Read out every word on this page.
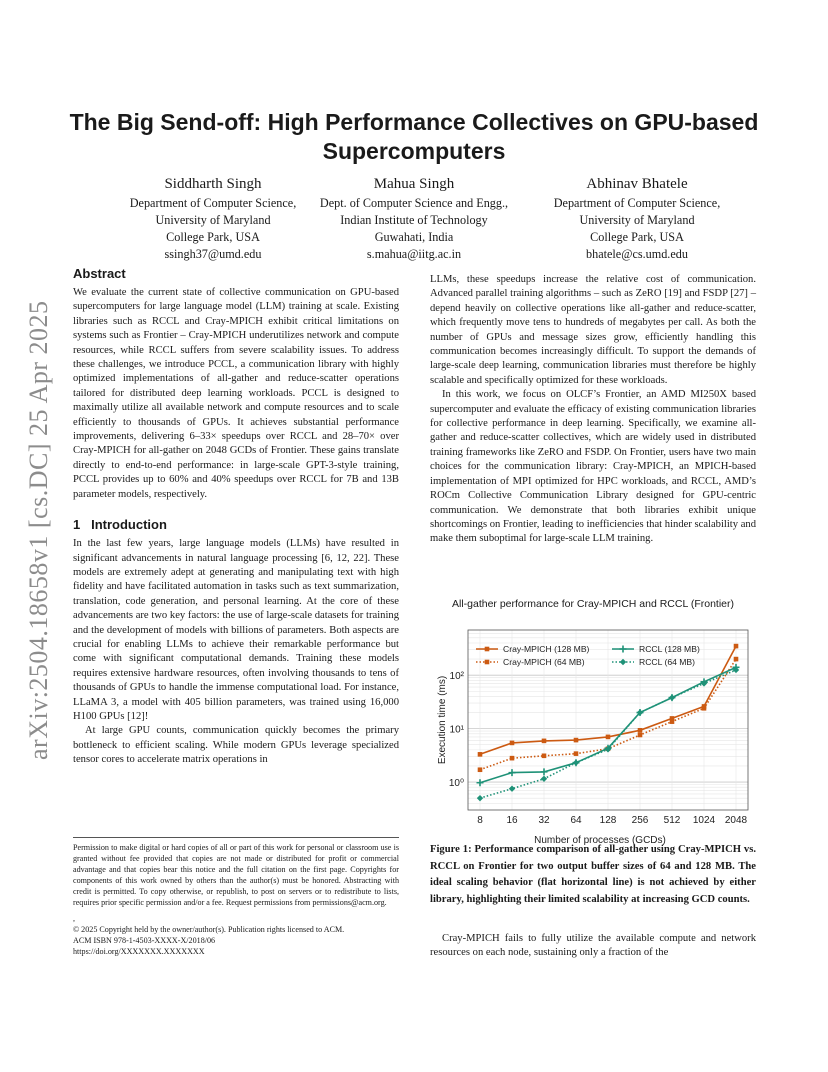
arXiv:2504.18658v1 [cs.DC] 25 Apr 2025
The Big Send-off: High Performance Collectives on GPU-based Supercomputers
Siddharth Singh
Department of Computer Science,
University of Maryland
College Park, USA
ssingh37@umd.edu
Mahua Singh
Dept. of Computer Science and Engg.,
Indian Institute of Technology
Guwahati, India
s.mahua@iitg.ac.in
Abhinav Bhatele
Department of Computer Science,
University of Maryland
College Park, USA
bhatele@cs.umd.edu
Abstract

We evaluate the current state of collective communication on GPU-based supercomputers for large language model (LLM) training at scale. Existing libraries such as RCCL and Cray-MPICH exhibit critical limitations on systems such as Frontier – Cray-MPICH underutilizes network and compute resources, while RCCL suffers from severe scalability issues. To address these challenges, we introduce PCCL, a communication library with highly optimized implementations of all-gather and reduce-scatter operations tailored for distributed deep learning workloads. PCCL is designed to maximally utilize all available network and compute resources and to scale efficiently to thousands of GPUs. It achieves substantial performance improvements, delivering 6–33× speedups over RCCL and 28–70× over Cray-MPICH for all-gather on 2048 GCDs of Frontier. These gains translate directly to end-to-end performance: in large-scale GPT-3-style training, PCCL provides up to 60% and 40% speedups over RCCL for 7B and 13B parameter models, respectively.

1 Introduction

In the last few years, large language models (LLMs) have resulted in significant advancements in natural language processing [6, 12, 22]. These models are extremely adept at generating and manipulating text with high fidelity and have facilitated automation in tasks such as text summarization, translation, code generation, and personal learning. At the core of these advancements are two key factors: the use of large-scale datasets for training and the development of models with billions of parameters. Both aspects are crucial for enabling LLMs to achieve their remarkable performance but come with significant computational demands. Training these models requires extensive hardware resources, often involving thousands to tens of thousands of GPUs to handle the immense computational load. For instance, LLaMA 3, a model with 405 billion parameters, was trained using 16,000 H100 GPUs [12]!

At large GPU counts, communication quickly becomes the primary bottleneck to efficient scaling. While modern GPUs leverage specialized tensor cores to accelerate matrix operations in

Permission to make digital or hard copies of all or part of this work for personal or classroom use is granted without fee provided that copies are not made or distributed for profit or commercial advantage and that copies bear this notice and the full citation on the first page. Copyrights for components of this work owned by others than the author(s) must be honored. Abstracting with credit is permitted. To copy otherwise, or republish, to post on servers or to redistribute to lists, requires prior specific permission and/or a fee. Request permissions from permissions@acm.org.

,

© 2025 Copyright held by the owner/author(s). Publication rights licensed to ACM.

ACM ISBN 978-1-4503-XXXX-X/2018/06

https://doi.org/XXXXXXX.XXXXXXX

LLMs, these speedups increase the relative cost of communication. Advanced parallel training algorithms – such as ZeRO [19] and FSDP [27] – depend heavily on collective operations like all-gather and reduce-scatter, which frequently move tens to hundreds of megabytes per call. As both the number of GPUs and message sizes grow, efficiently handling this communication becomes increasingly difficult. To support the demands of large-scale deep learning, communication libraries must therefore be highly scalable and specifically optimized for these workloads.

In this work, we focus on OLCF’s Frontier, an AMD MI250X based supercomputer and evaluate the efficacy of existing communication libraries for collective performance in deep learning. Specifically, we examine all-gather and reduce-scatter collectives, which are widely used in distributed training frameworks like ZeRO and FSDP. On Frontier, users have two main choices for the communication library: Cray-MPICH, an MPICH-based implementation of MPI optimized for HPC workloads, and RCCL, AMD’s ROCm Collective Communication Library designed for GPU-centric communication. We demonstrate that both libraries exhibit unique shortcomings on Frontier, leading to inefficiencies that hinder scalability and make them suboptimal for large-scale LLM training.

All-gather performance for Cray-MPICH and RCCL (Frontier)
8 16 32 64 128 256 512 1024 2048
10⁰
10¹
10²
Cray-MPICH (128 MB)
Cray-MPICH (64 MB)
RCCL (128 MB)
RCCL (64 MB)
Number of processes (GCDs)
Execution time (ms)
Figure 1: Performance comparison of all-gather using Cray-MPICH vs. RCCL on Frontier for two output buffer sizes of 64 and 128 MB. The ideal scaling behavior (flat horizontal line) is not achieved by either library, highlighting their limited scalability at increasing GCD counts.

Cray-MPICH fails to fully utilize the available compute and network resources on each node, sustaining only a fraction of the
